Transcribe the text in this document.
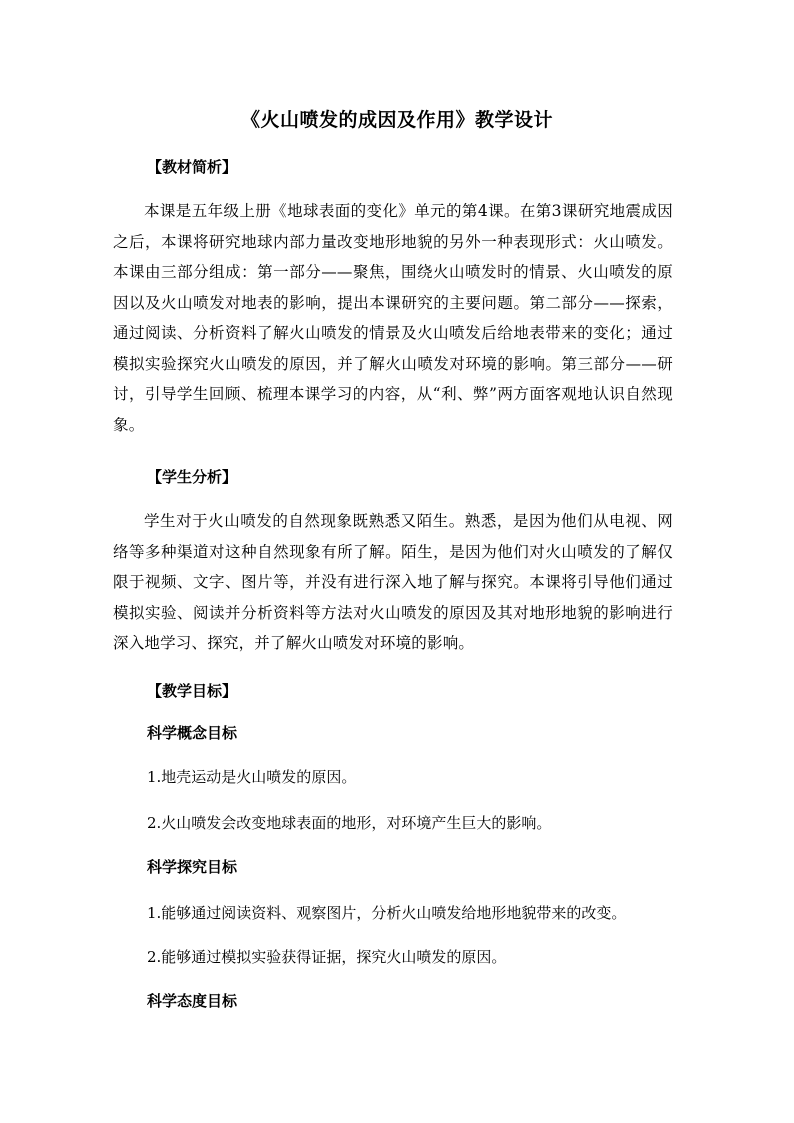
《火山喷发的成因及作用》教学设计
【教材简析】
本课是五年级上册《地球表面的变化》单元的第4课。在第3课研究地震成因之后，本课将研究地球内部力量改变地形地貌的另外一种表现形式：火山喷发。本课由三部分组成：第一部分——聚焦，围绕火山喷发时的情景、火山喷发的原因以及火山喷发对地表的影响，提出本课研究的主要问题。第二部分——探索，通过阅读、分析资料了解火山喷发的情景及火山喷发后给地表带来的变化；通过模拟实验探究火山喷发的原因，并了解火山喷发对环境的影响。第三部分——研讨，引导学生回顾、梳理本课学习的内容，从“利、弊”两方面客观地认识自然现象。
【学生分析】
学生对于火山喷发的自然现象既熟悉又陌生。熟悉，是因为他们从电视、网络等多种渠道对这种自然现象有所了解。陌生，是因为他们对火山喷发的了解仅限于视频、文字、图片等，并没有进行深入地了解与探究。本课将引导他们通过模拟实验、阅读并分析资料等方法对火山喷发的原因及其对地形地貌的影响进行深入地学习、探究，并了解火山喷发对环境的影响。
【教学目标】
科学概念目标
1.地壳运动是火山喷发的原因。
2.火山喷发会改变地球表面的地形，对环境产生巨大的影响。
科学探究目标
1.能够通过阅读资料、观察图片，分析火山喷发给地形地貌带来的改变。
2.能够通过模拟实验获得证据，探究火山喷发的原因。
科学态度目标
